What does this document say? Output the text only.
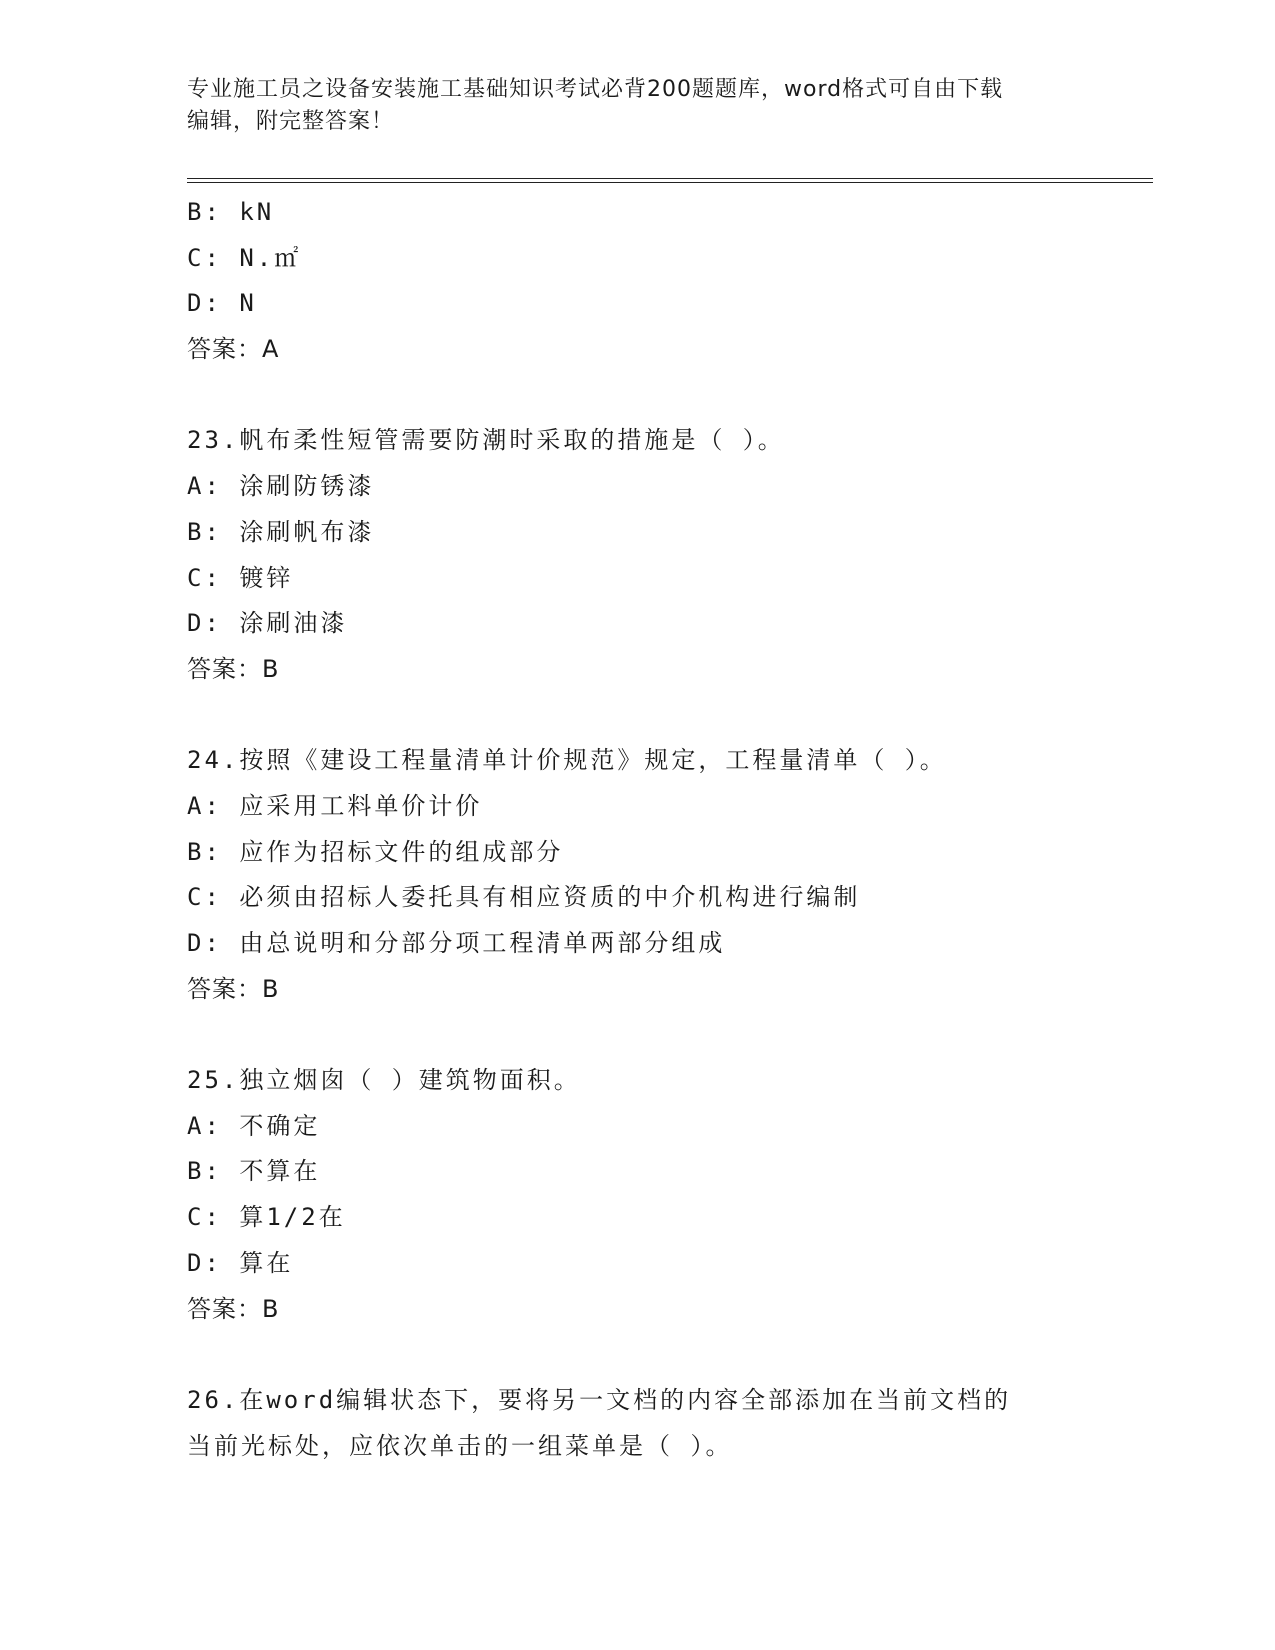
专业施工员之设备安装施工基础知识考试必背200题题库，word格式可自由下载
编辑，附完整答案！
B: kN
C: N.㎡
D: N
答案：A
23.帆布柔性短管需要防潮时采取的措施是（ ）。
A: 涂刷防锈漆
B: 涂刷帆布漆
C: 镀锌
D: 涂刷油漆
答案：B
24.按照《建设工程量清单计价规范》规定，工程量清单（ ）。
A: 应采用工料单价计价
B: 应作为招标文件的组成部分
C: 必须由招标人委托具有相应资质的中介机构进行编制
D: 由总说明和分部分项工程清单两部分组成
答案：B
25.独立烟囱（ ）建筑物面积。
A: 不确定
B: 不算在
C: 算1/2在
D: 算在
答案：B
26.在word编辑状态下，要将另一文档的内容全部添加在当前文档的
当前光标处，应依次单击的一组菜单是（ ）。
